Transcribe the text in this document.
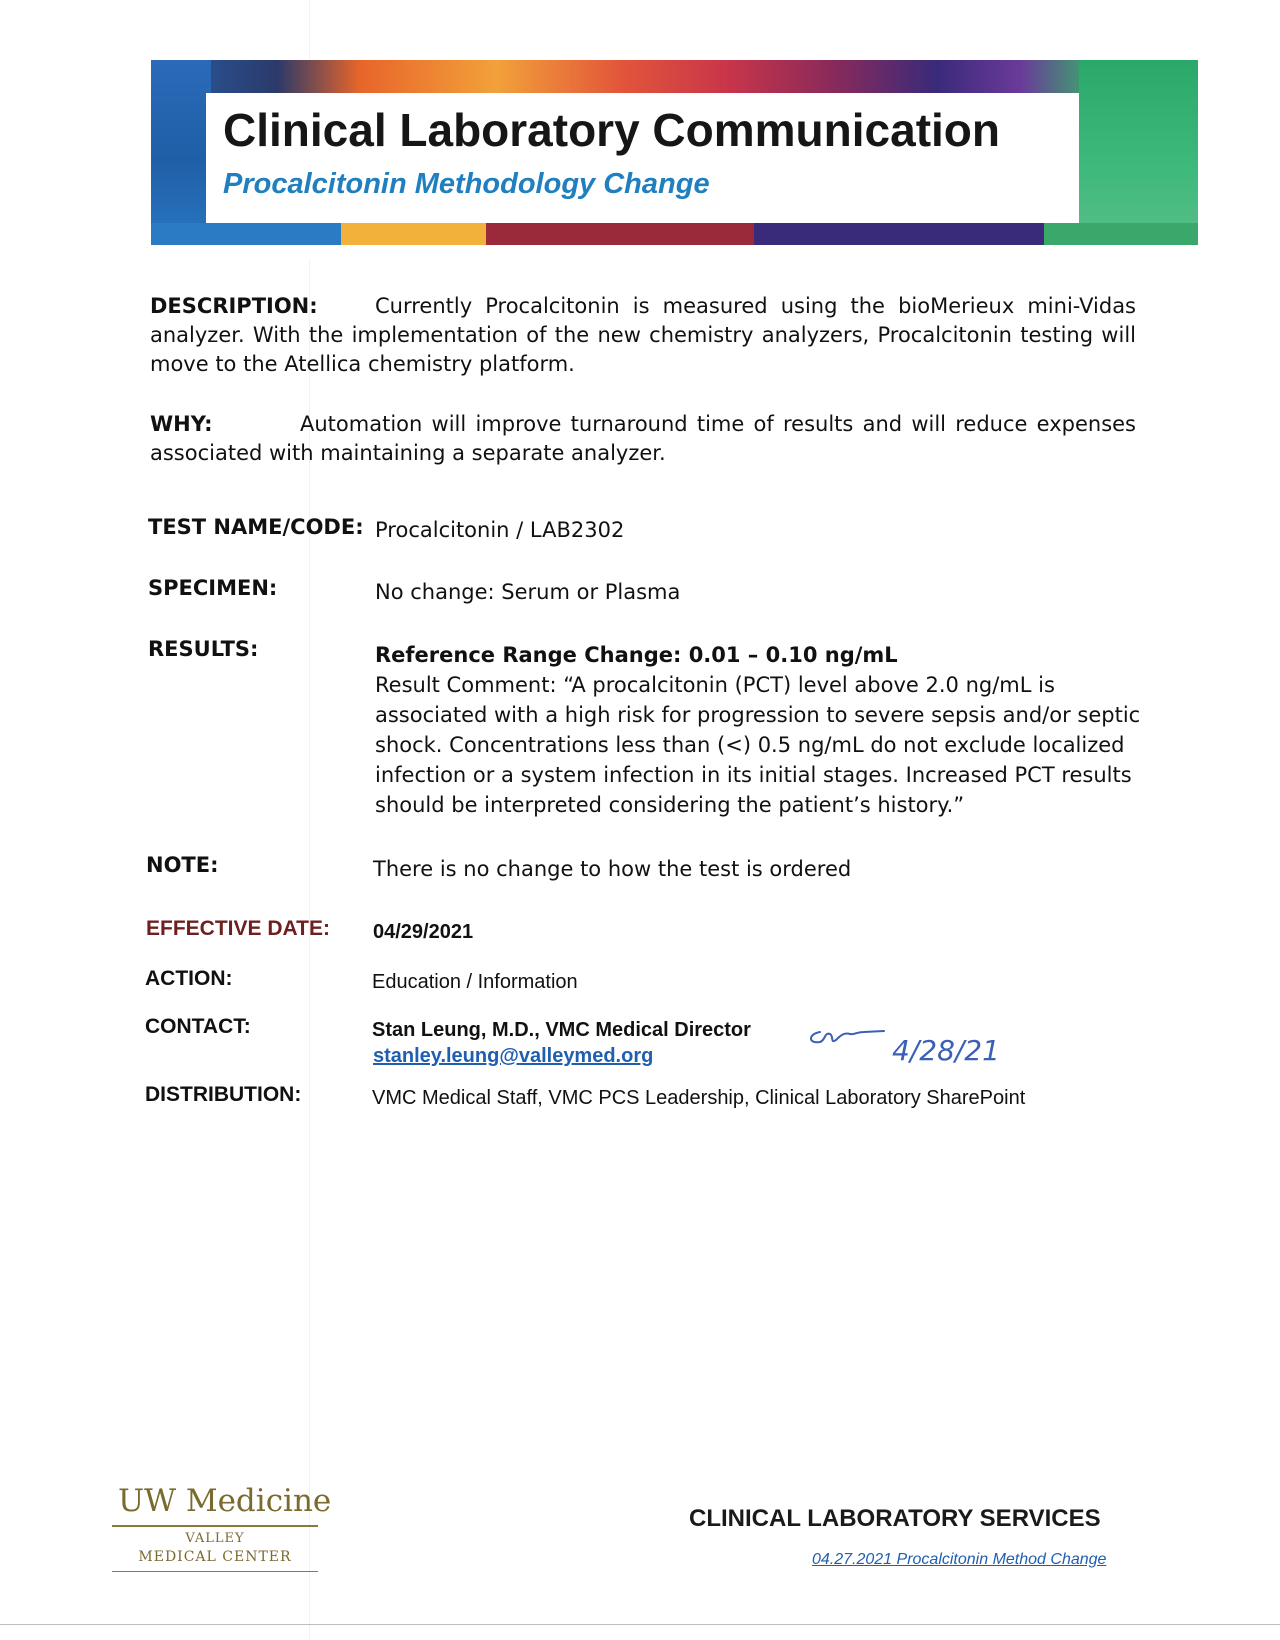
Clinical Laboratory Communication
Procalcitonin Methodology Change
DESCRIPTION:	Currently Procalcitonin is measured using the bioMerieux mini-Vidas analyzer. With the implementation of the new chemistry analyzers, Procalcitonin testing will move to the Atellica chemistry platform.
WHY:	Automation will improve turnaround time of results and will reduce expenses associated with maintaining a separate analyzer.
TEST NAME/CODE: Procalcitonin / LAB2302
SPECIMEN:	No change: Serum or Plasma
RESULTS:	Reference Range Change: 0.01 – 0.10 ng/mL
Result Comment: “A procalcitonin (PCT) level above 2.0 ng/mL is associated with a high risk for progression to severe sepsis and/or septic shock. Concentrations less than (<) 0.5 ng/mL do not exclude localized infection or a system infection in its initial stages. Increased PCT results should be interpreted considering the patient’s history.”
NOTE:	There is no change to how the test is ordered
EFFECTIVE DATE: 04/29/2021
ACTION:	Education / Information
CONTACT:	Stan Leung, M.D., VMC Medical Director
stanley.leung@valleymed.org	4/28/21
DISTRIBUTION:	VMC Medical Staff, VMC PCS Leadership, Clinical Laboratory SharePoint
UW Medicine
VALLEY
MEDICAL CENTER
CLINICAL LABORATORY SERVICES
04.27.2021 Procalcitonin Method Change
